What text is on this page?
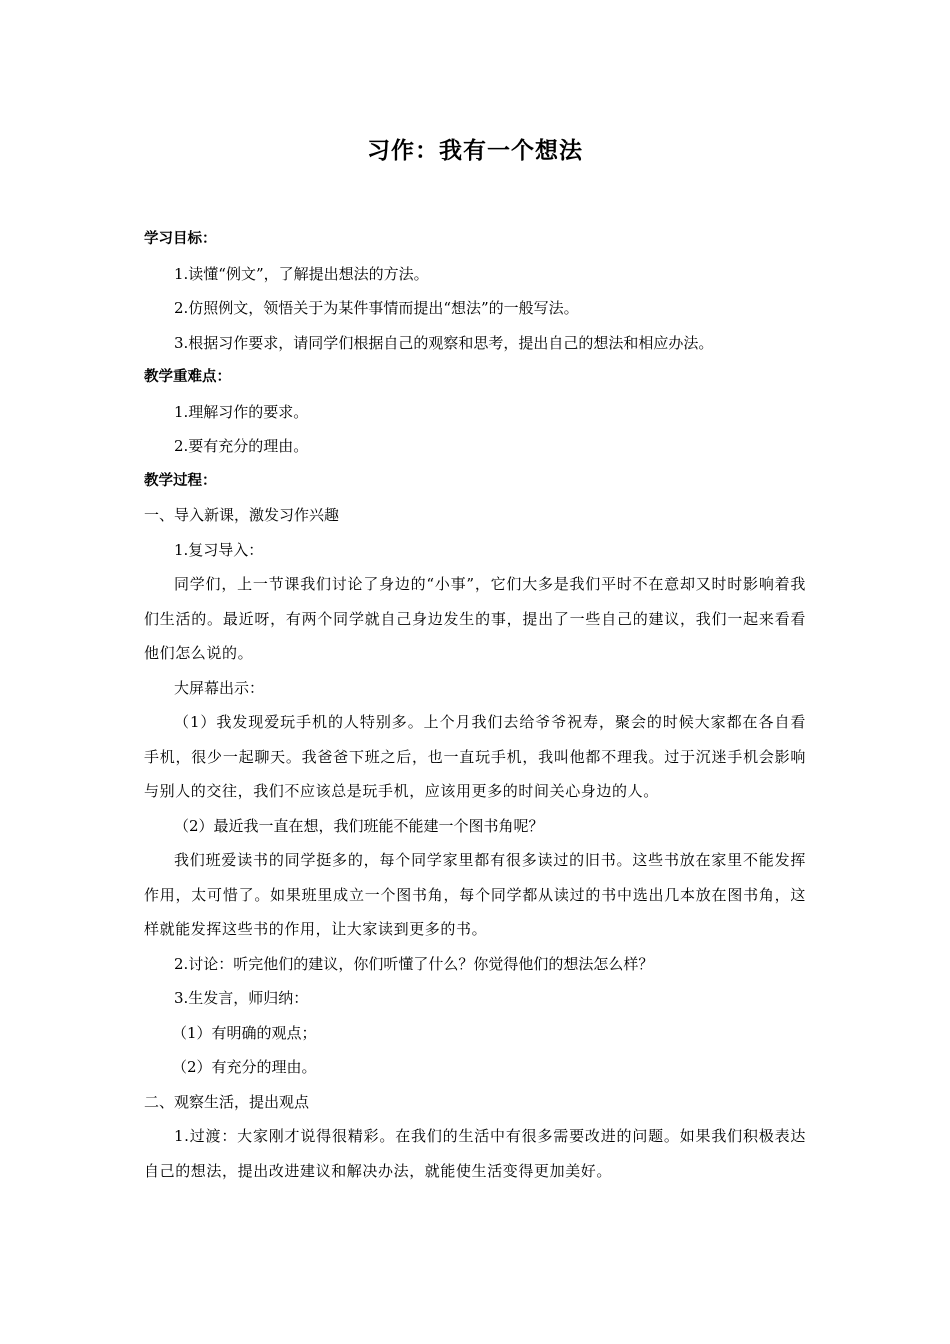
习作：我有一个想法

学习目标：

1.读懂“例文”，了解提出想法的方法。

2.仿照例文，领悟关于为某件事情而提出“想法”的一般写法。

3.根据习作要求，请同学们根据自己的观察和思考，提出自己的想法和相应办法。

教学重难点：

1.理解习作的要求。

2.要有充分的理由。

教学过程：

一、导入新课，激发习作兴趣

1.复习导入：

同学们，上一节课我们讨论了身边的“小事”，它们大多是我们平时不在意却又时时影响着我们生活的。最近呀，有两个同学就自己身边发生的事，提出了一些自己的建议，我们一起来看看他们怎么说的。

大屏幕出示：

（1）我发现爱玩手机的人特别多。上个月我们去给爷爷祝寿，聚会的时候大家都在各自看手机，很少一起聊天。我爸爸下班之后，也一直玩手机，我叫他都不理我。过于沉迷手机会影响与别人的交往，我们不应该总是玩手机，应该用更多的时间关心身边的人。

（2）最近我一直在想，我们班能不能建一个图书角呢？

我们班爱读书的同学挺多的，每个同学家里都有很多读过的旧书。这些书放在家里不能发挥作用，太可惜了。如果班里成立一个图书角，每个同学都从读过的书中选出几本放在图书角，这样就能发挥这些书的作用，让大家读到更多的书。

2.讨论：听完他们的建议，你们听懂了什么？你觉得他们的想法怎么样？

3.生发言，师归纳：

（1）有明确的观点；

（2）有充分的理由。

二、观察生活，提出观点

1.过渡：大家刚才说得很精彩。在我们的生活中有很多需要改进的问题。如果我们积极表达自己的想法，提出改进建议和解决办法，就能使生活变得更加美好。
